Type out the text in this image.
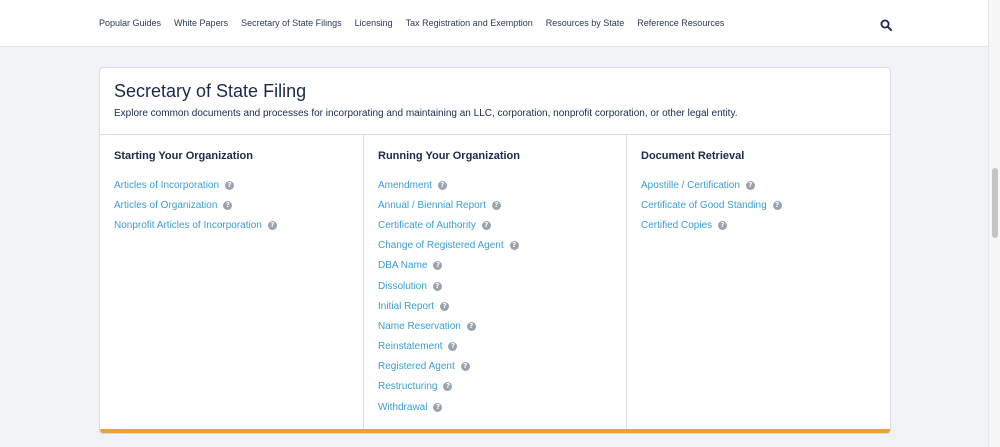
Popular Guides White Papers Secretary of State Filings Licensing Tax Registration and Exemption Resources by State Reference Resources
Secretary of State Filing

Explore common documents and processes for incorporating and maintaining an LLC, corporation, nonprofit corporation, or other legal entity.

Starting Your Organization
Articles of Incorporation	?
Articles of Organization	?
Nonprofit Articles of Incorporation	?
Running Your Organization
Amendment	?
Annual / Biennial Report	?
Certificate of Authority	?
Change of Registered Agent	?
DBA Name	?
Dissolution	?
Initial Report	?
Name Reservation	?
Reinstatement	?
Registered Agent	?
Restructuring	?
Withdrawal	?
Document Retrieval
Apostille / Certification	?
Certificate of Good Standing	?
Certified Copies	?
